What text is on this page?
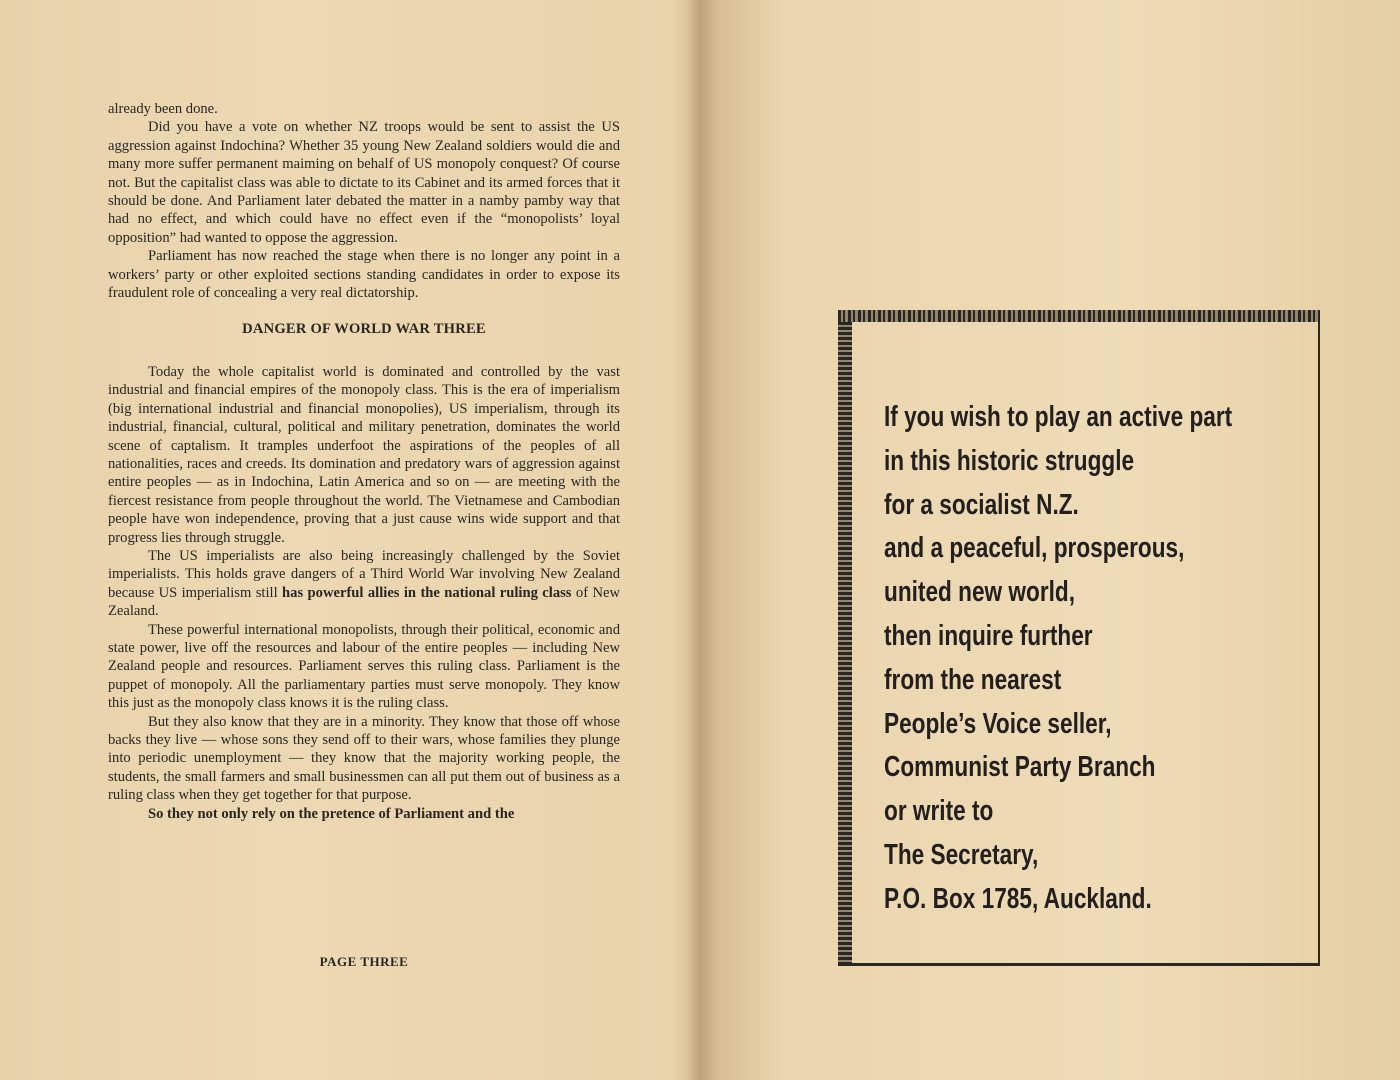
already been done.

Did you have a vote on whether NZ troops would be sent to assist the US aggression against Indochina? Whether 35 young New Zealand soldiers would die and many more suffer permanent maiming on behalf of US monopoly conquest? Of course not. But the capitalist class was able to dictate to its Cabinet and its armed forces that it should be done. And Parliament later debated the matter in a namby pamby way that had no effect, and which could have no effect even if the “monopolists’ loyal opposition” had wanted to oppose the aggression.

Parliament has now reached the stage when there is no longer any point in a workers’ party or other exploited sections standing candidates in order to expose its fraudulent role of concealing a very real dictatorship.

DANGER OF WORLD WAR THREE

Today the whole capitalist world is dominated and controlled by the vast industrial and financial empires of the monopoly class. This is the era of imperialism (big international industrial and financial monopolies), US imperialism, through its industrial, financial, cultural, political and military penetration, dominates the world scene of captalism. It tramples underfoot the aspirations of the peoples of all nationalities, races and creeds. Its domination and predatory wars of aggression against entire peoples — as in Indochina, Latin America and so on — are meeting with the fiercest resistance from people throughout the world. The Vietnamese and Cambodian people have won independence, proving that a just cause wins wide support and that progress lies through struggle.

The US imperialists are also being increasingly challenged by the Soviet imperialists. This holds grave dangers of a Third World War involving New Zealand because US imperialism still has powerful allies in the national ruling class of New Zealand.

These powerful international monopolists, through their political, economic and state power, live off the resources and labour of the entire peoples — including New Zealand people and resources. Parliament serves this ruling class. Parliament is the puppet of monopoly. All the parliamentary parties must serve monopoly. They know this just as the monopoly class knows it is the ruling class.

But they also know that they are in a minority. They know that those off whose backs they live — whose sons they send off to their wars, whose families they plunge into periodic unemployment — they know that the majority working people, the students, the small farmers and small businessmen can all put them out of business as a ruling class when they get together for that purpose.

So they not only rely on the pretence of Parliament and the

PAGE THREE
If you wish to play an active part
in this historic struggle
for a socialist N.Z.
and a peaceful, prosperous,
united new world,
then inquire further
from the nearest
People’s Voice seller,
Communist Party Branch
or write to
The Secretary,
P.O. Box 1785, Auckland.
